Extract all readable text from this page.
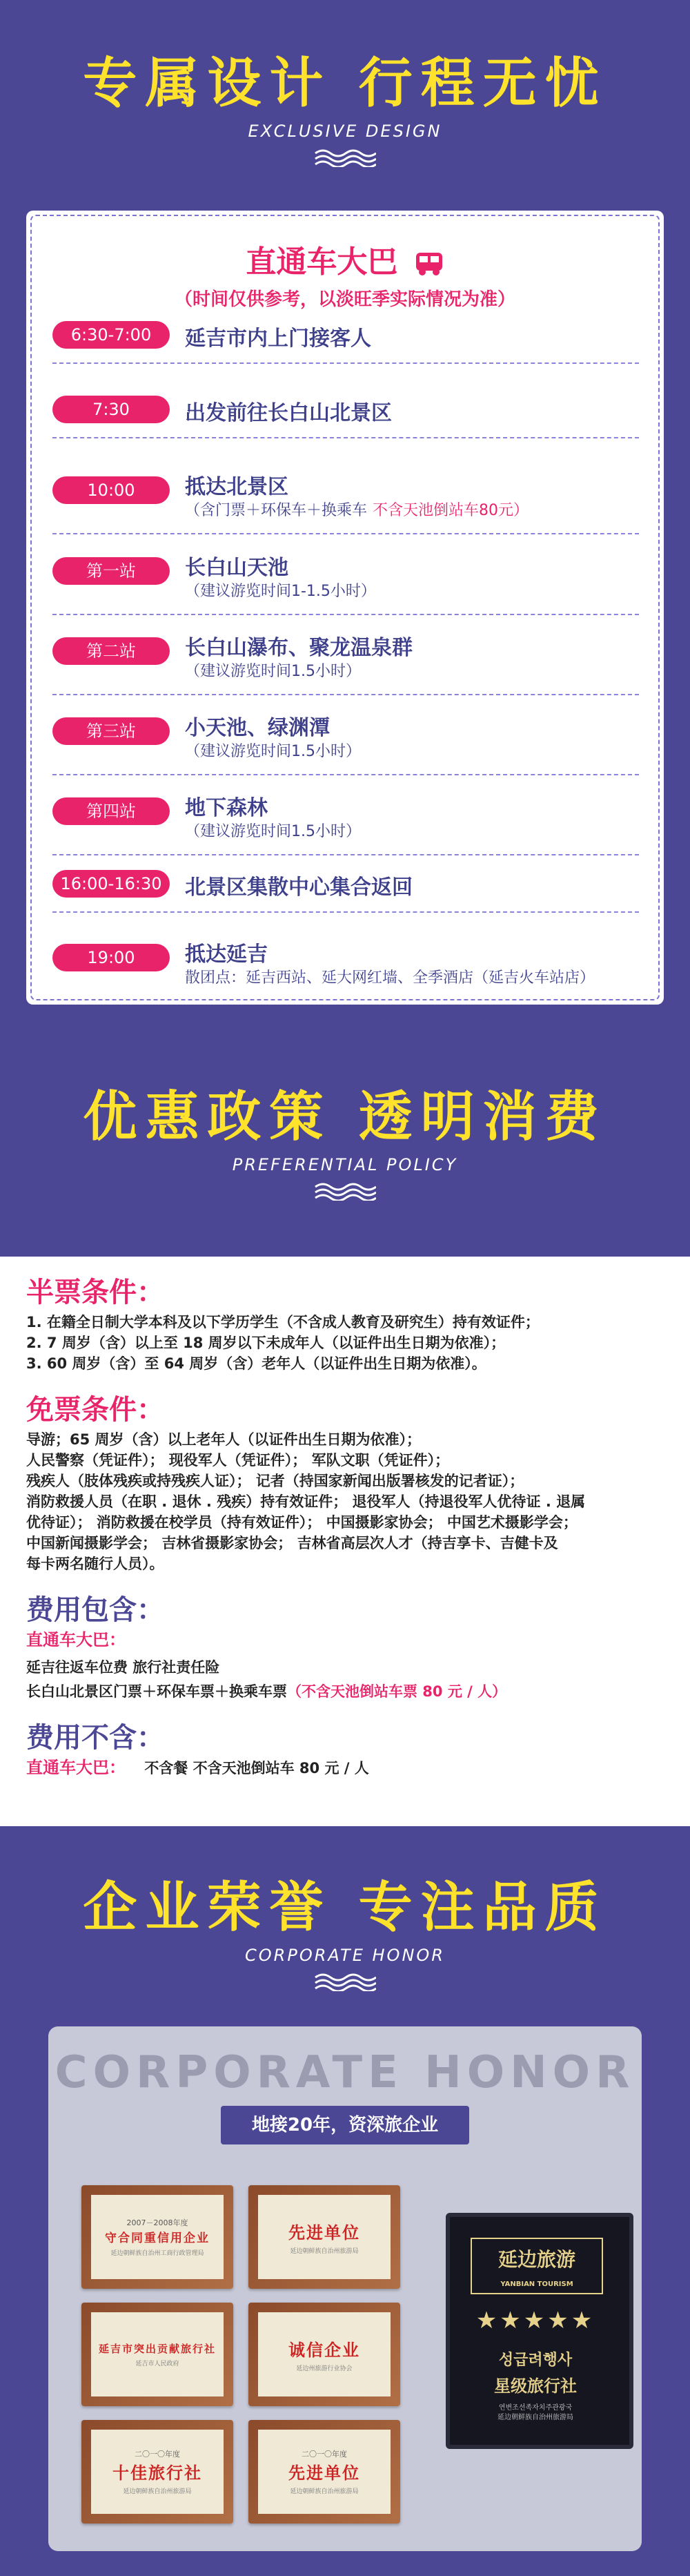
专属设计 行程无忧
EXCLUSIVE DESIGN
直通车大巴
（时间仅供参考，以淡旺季实际情况为准）
6:30-7:00	延吉市内上门接客人
7:30	出发前往长白山北景区
10:00	抵达北景区
（含门票＋环保车＋换乘车 不含天池倒站车80元）
第一站	长白山天池
（建议游览时间1-1.5小时）
第二站	长白山瀑布、聚龙温泉群
（建议游览时间1.5小时）
第三站	小天池、绿渊潭
（建议游览时间1.5小时）
第四站	地下森林
（建议游览时间1.5小时）
16:00-16:30	北景区集散中心集合返回
19:00	抵达延吉
散团点：延吉西站、延大网红墙、全季酒店（延吉火车站店）
优惠政策 透明消费
PREFERENTIAL POLICY
半票条件：
1. 在籍全日制大学本科及以下学历学生（不含成人教育及研究生）持有效证件；
2. 7 周岁（含）以上至 18 周岁以下未成年人（以证件出生日期为依准）；
3. 60 周岁（含）至 64 周岁（含）老年人（以证件出生日期为依准）。
免票条件：
导游；65 周岁（含）以上老年人（以证件出生日期为依准）；
人民警察（凭证件）； 现役军人（凭证件）； 军队文职（凭证件）；
残疾人（肢体残疾或持残疾人证）； 记者（持国家新闻出版署核发的记者证）；
消防救援人员（在职 . 退休 . 残疾）持有效证件； 退役军人（持退役军人优待证 . 退属
优待证）； 消防救援在校学员（持有效证件）； 中国摄影家协会； 中国艺术摄影学会；
中国新闻摄影学会； 吉林省摄影家协会； 吉林省高层次人才（持吉享卡、吉健卡及
每卡两名随行人员）。
费用包含：
直通车大巴：
延吉往返车位费 旅行社责任险
长白山北景区门票＋环保车票＋换乘车票（不含天池倒站车票 80 元 / 人）
费用不含：
直通车大巴： 不含餐 不含天池倒站车 80 元 / 人
企业荣誉 专注品质
CORPORATE HONOR
CORPORATE HONOR
地接20年，资深旅企业
2007－2008年度
守合同重信用企业
延边朝鲜族自治州工商行政管理局
先进单位
延边朝鲜族自治州旅游局
延吉市突出贡献旅行社
延吉市人民政府
诚信企业
延边州旅游行业协会
二〇一〇年度
十佳旅行社
延边朝鲜族自治州旅游局
二〇一〇年度
先进单位
延边朝鲜族自治州旅游局
延边旅游
YANBIAN TOURISM
★★★★★
성급려행사
星级旅行社
연변조선족자치주관광국
延边朝鲜族自治州旅游局
